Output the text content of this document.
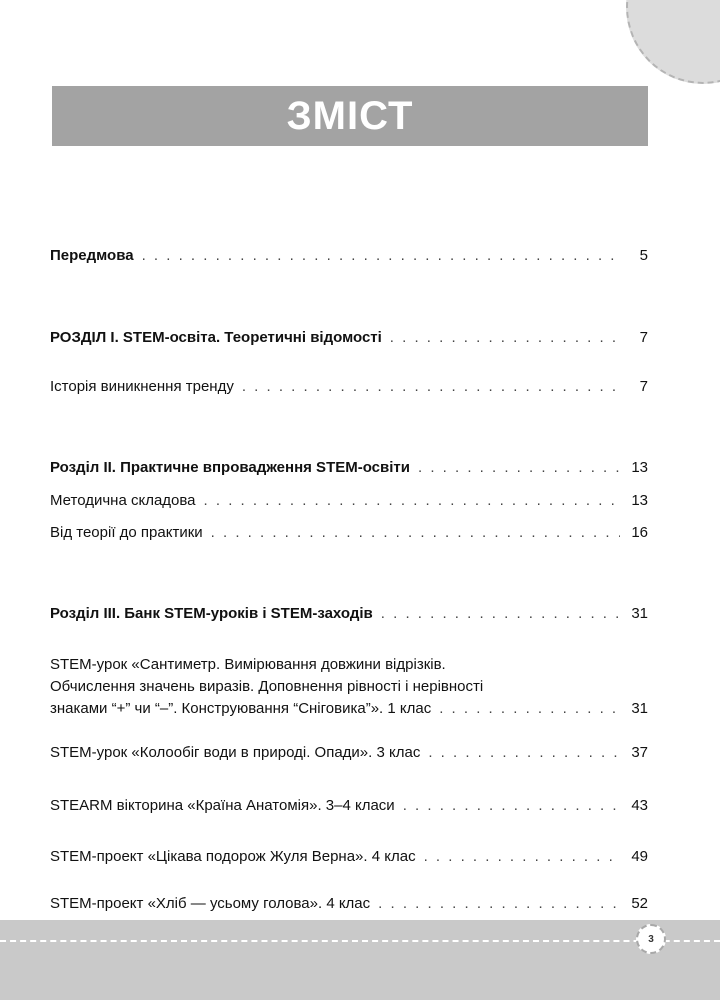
ЗМІСТ
Передмова . . .	5
РОЗДІЛ I. STEM-освіта. Теоретичні відомості . . .	7
Історія виникнення тренду . . .	7
Розділ II. Практичне впровадження STEM-освіти . . .	13
Методична складова . . .	13
Від теорії до практики . . .	16
Розділ III. Банк STEM-уроків і STEM-заходів . . .	31
STEM-урок «Сантиметр. Вимірювання довжини відрізків.
Обчислення значень виразів. Доповнення рівності і нерівності
знаками “+” чи “–”. Конструювання “Сніговика”». 1 клас . . .	31
STEM-урок «Колообіг води в природі. Опади». 3 клас . . .	37
STEARM вікторина «Країна Анатомія». 3–4 класи . . .	43
STEM-проект «Цікава подорож Жуля Верна». 4 клас . . .	49
STEM-проект «Хліб — усьому голова». 4 клас . . .	52
3
